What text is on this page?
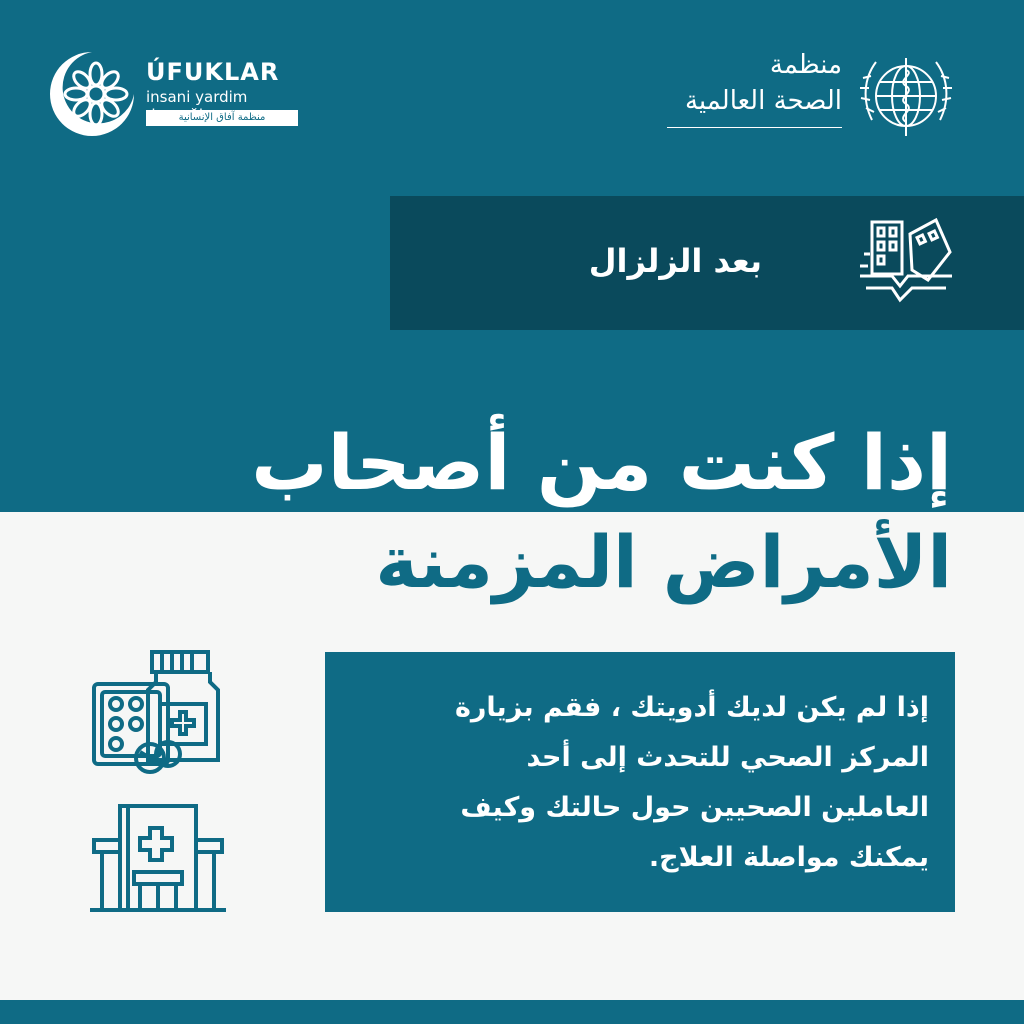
ÚFUKLAR
insani yardim
منظمة آفاق الإنسانية
منظمة
الصحة العالمية
بعد الزلزال
إذا كنت من أصحاب
الأمراض المزمنة
إذا لم يكن لديك أدويتك ، فقم بزيارة
المركز الصحي للتحدث إلى أحد
العاملين الصحيين حول حالتك وكيف
يمكنك مواصلة العلاج.
